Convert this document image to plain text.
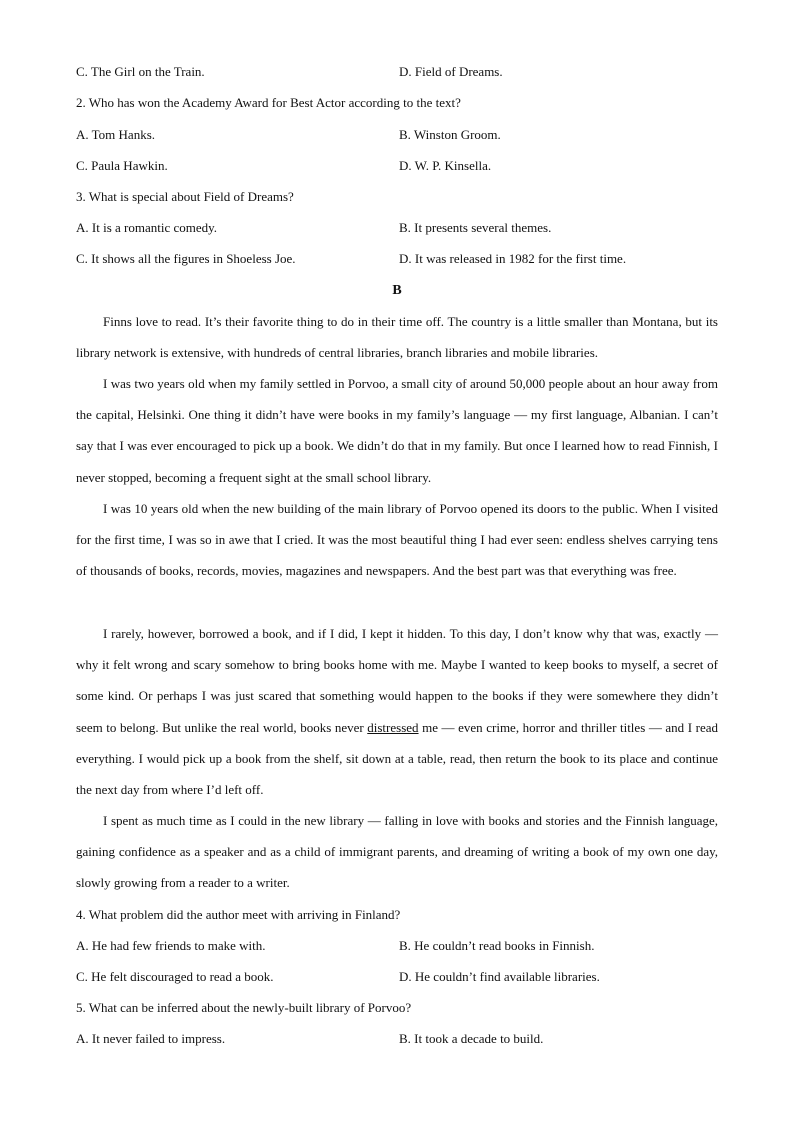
C. The Girl on the Train.	D. Field of Dreams.
2. Who has won the Academy Award for Best Actor according to the text?
A. Tom Hanks.	B. Winston Groom.
C. Paula Hawkin.	D. W. P. Kinsella.
3. What is special about Field of Dreams?
A. It is a romantic comedy.	B. It presents several themes.
C. It shows all the figures in Shoeless Joe.	D. It was released in 1982 for the first time.
B
Finns love to read. It’s their favorite thing to do in their time off. The country is a little smaller than Montana, but its library network is extensive, with hundreds of central libraries, branch libraries and mobile libraries.
I was two years old when my family settled in Porvoo, a small city of around 50,000 people about an hour away from the capital, Helsinki. One thing it didn’t have were books in my family’s language — my first language, Albanian. I can’t say that I was ever encouraged to pick up a book. We didn’t do that in my family. But once I learned how to read Finnish, I never stopped, becoming a frequent sight at the small school library.
I was 10 years old when the new building of the main library of Porvoo opened its doors to the public. When I visited for the first time, I was so in awe that I cried. It was the most beautiful thing I had ever seen: endless shelves carrying tens of thousands of books, records, movies, magazines and newspapers. And the best part was that everything was free.
I rarely, however, borrowed a book, and if I did, I kept it hidden. To this day, I don’t know why that was, exactly — why it felt wrong and scary somehow to bring books home with me. Maybe I wanted to keep books to myself, a secret of some kind. Or perhaps I was just scared that something would happen to the books if they were somewhere they didn’t seem to belong. But unlike the real world, books never distressed me — even crime, horror and thriller titles — and I read everything. I would pick up a book from the shelf, sit down at a table, read, then return the book to its place and continue the next day from where I’d left off.
I spent as much time as I could in the new library — falling in love with books and stories and the Finnish language, gaining confidence as a speaker and as a child of immigrant parents, and dreaming of writing a book of my own one day, slowly growing from a reader to a writer.
4. What problem did the author meet with arriving in Finland?
A. He had few friends to make with.	B. He couldn’t read books in Finnish.
C. He felt discouraged to read a book.	D. He couldn’t find available libraries.
5. What can be inferred about the newly-built library of Porvoo?
A. It never failed to impress.	B. It took a decade to build.
